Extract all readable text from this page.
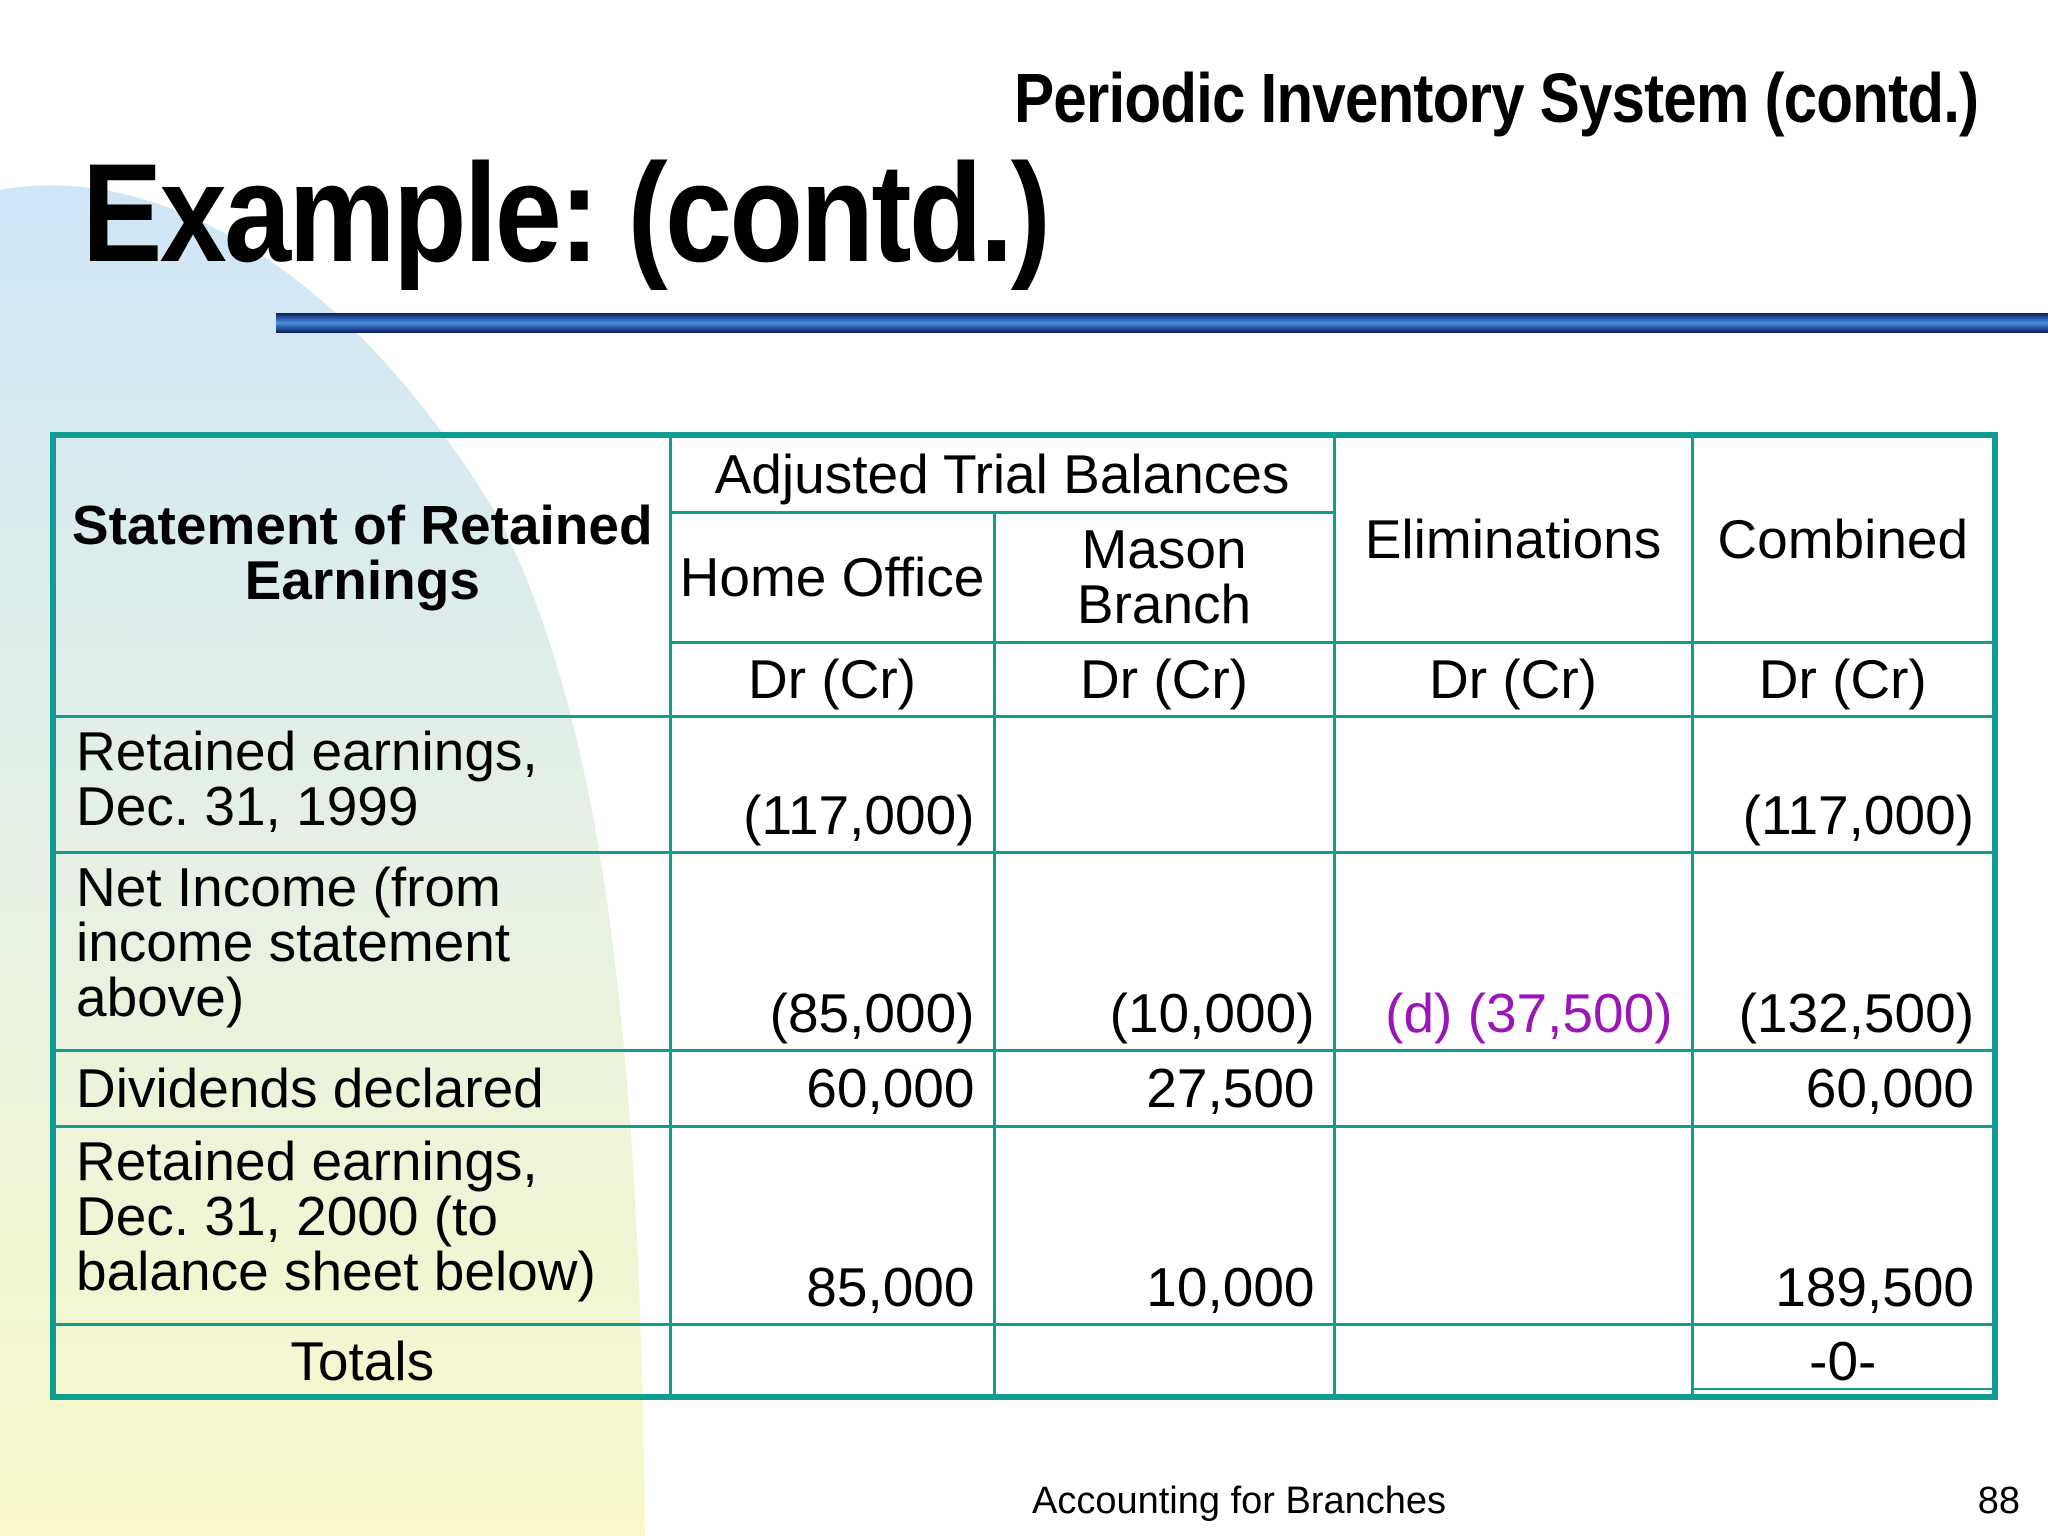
Periodic Inventory System (contd.)
Example: (contd.)
Statement of Retained Earnings	Adjusted Trial Balances		Eliminations	Combined
	Home Office	Mason Branch		
	Dr (Cr)	Dr (Cr)	Dr (Cr)	Dr (Cr)
Retained earnings, Dec. 31, 1999	(117,000)			(117,000)
Net Income (from income statement above)	(85,000)	(10,000)	(d) (37,500)	(132,500)
Dividends declared	60,000	27,500		60,000
Retained earnings, Dec. 31, 2000 (to balance sheet below)	85,000	10,000		189,500
Totals				-0-
Accounting for Branches	88
